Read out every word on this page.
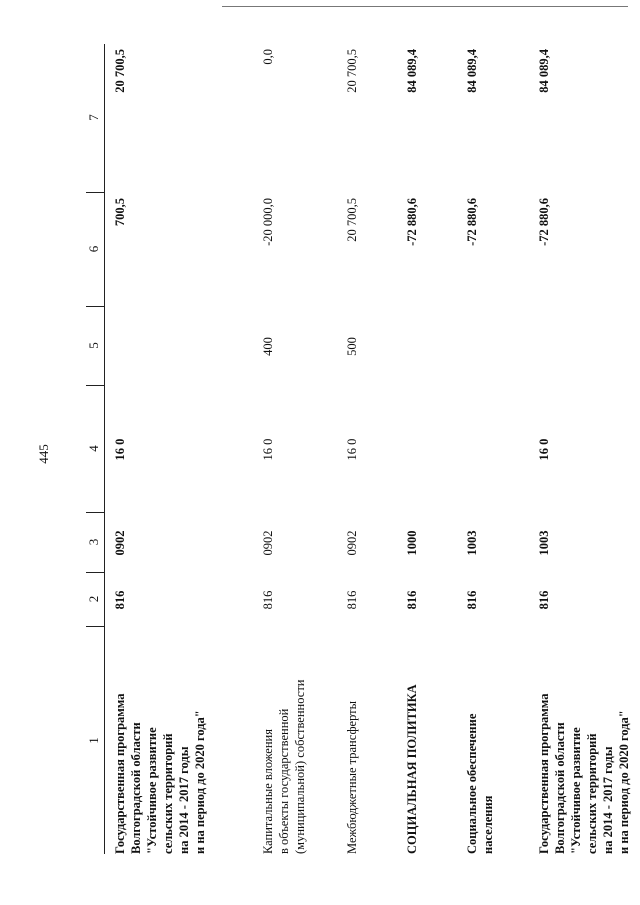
445
1
2
3
4
5
6
7
Государственная программа Волгоградской области "Устойчивое развитие сельских территорий на 2014 - 2017 годы и на период до 2020 года"
816
0902
16 0
700,5
20 700,5
Капитальные вложения в объекты государственной (муниципальной) собственности
816
0902
16 0
400
-20 000,0
0,0
Межбюджетные трансферты
816
0902
16 0
500
20 700,5
20 700,5
СОЦИАЛЬНАЯ ПОЛИТИКА
816
1000
-72 880,6
84 089,4
Социальное обеспечение населения
816
1003
-72 880,6
84 089,4
Государственная программа Волгоградской области "Устойчивое развитие сельских территорий на 2014 - 2017 годы и на период до 2020 года"
816
1003
16 0
-72 880,6
84 089,4
